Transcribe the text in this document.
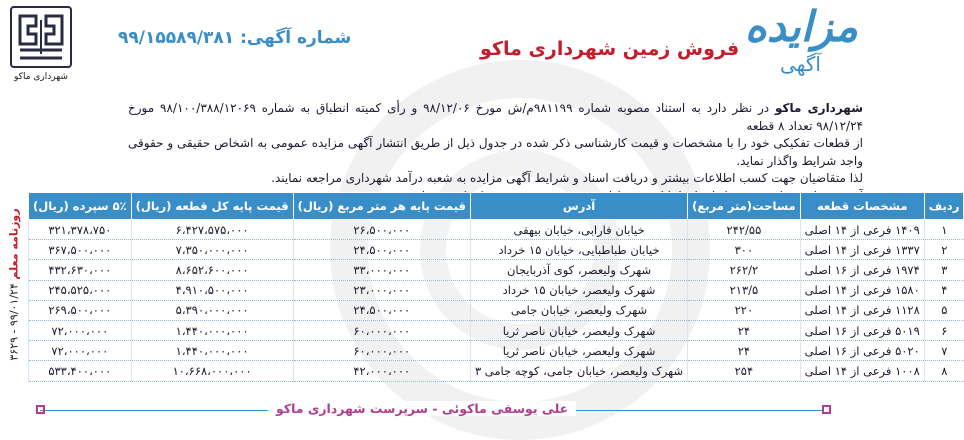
شهرداری ماکو
شماره آگهی: ۹۹/۱۵۵۸۹/۳۸۱	فروش زمین شهرداری ماکو مزایده
آگهی
شهرداری ماکو در نظر دارد به استناد مصوبه شماره ۹۸۱۱۹۹م/ش مورخ ۹۸/۱۲/۰۶ و رأی کمیته انطباق به شماره ۹۸/۱۰۰/۳۸۸/۱۲۰۶۹ مورخ ۹۸/۱۲/۲۴ تعداد ۸ قطعه
از قطعات تفکیکی خود را با مشخصات و قیمت کارشناسی ذکر شده در جدول ذیل از طریق انتشار آگهی مزایده عمومی به اشخاص حقیقی و حقوقی واجد شرایط واگذار نماید.
لذا متقاضیان جهت کسب اطلاعات بیشتر و دریافت اسناد و شرایط آگهی مزایده به شعبه درآمد شهرداری مراجعه نمایند.
روزنامه معلم ۹۹/۰۱/۲۴ - ۳۶۲۹
ردیف	مشخصات قطعه	مساحت(متر مربع)	آدرس	قیمت پایه هر متر مربع (ریال)	قیمت پایه کل قطعه (ریال)	۵٪ سپرده (ریال)
۱	۱۴۰۹ فرعی از ۱۴ اصلی	۲۴۲/۵۵	خیابان فارابی، خیابان بیهقی	۲۶،۵۰۰،۰۰۰	۶،۴۲۷،۵۷۵،۰۰۰	۳۲۱،۳۷۸،۷۵۰
۲	۱۳۳۷ فرعی از ۱۴ اصلی	۳۰۰	خیابان طباطبایی، خیابان ۱۵ خرداد	۲۴،۵۰۰،۰۰۰	۷،۳۵۰،۰۰۰،۰۰۰	۳۶۷،۵۰۰،۰۰۰
۳	۱۹۷۴ فرعی از ۱۶ اصلی	۲۶۲/۲	شهرک ولیعصر، کوی آذربایجان	۳۳،۰۰۰،۰۰۰	۸،۶۵۲،۶۰۰،۰۰۰	۴۳۲،۶۳۰،۰۰۰
۴	۱۵۸۰ فرعی از ۱۴ اصلی	۲۱۳/۵	شهرک ولیعصر، خیابان ۱۵ خرداد	۲۳،۰۰۰،۰۰۰	۴،۹۱۰،۵۰۰،۰۰۰	۲۴۵،۵۲۵،۰۰۰
۵	۱۱۲۸ فرعی از ۱۴ اصلی	۲۲۰	شهرک ولیعصر، خیابان جامی	۲۴،۵۰۰،۰۰۰	۵،۳۹۰،۰۰۰،۰۰۰	۲۶۹،۵۰۰،۰۰۰
۶	۵۰۱۹ فرعی از ۱۶ اصلی	۲۴	شهرک ولیعصر، خیابان ناصر ثریا	۶۰،۰۰۰،۰۰۰	۱،۴۴۰،۰۰۰،۰۰۰	۷۲،۰۰۰،۰۰۰
۷	۵۰۲۰ فرعی از ۱۶ اصلی	۲۴	شهرک ولیعصر، خیابان ناصر ثریا	۶۰،۰۰۰،۰۰۰	۱،۴۴۰،۰۰۰،۰۰۰	۷۲،۰۰۰،۰۰۰
۸	۱۰۰۸ فرعی از ۱۴ اصلی	۲۵۴	شهرک ولیعصر، خیابان جامی، کوچه جامی ۳	۴۲،۰۰۰،۰۰۰	۱۰،۶۶۸،۰۰۰،۰۰۰	۵۳۳،۴۰۰،۰۰۰
علی یوسفی ماکوئی - سرپرست شهرداری ماکو
